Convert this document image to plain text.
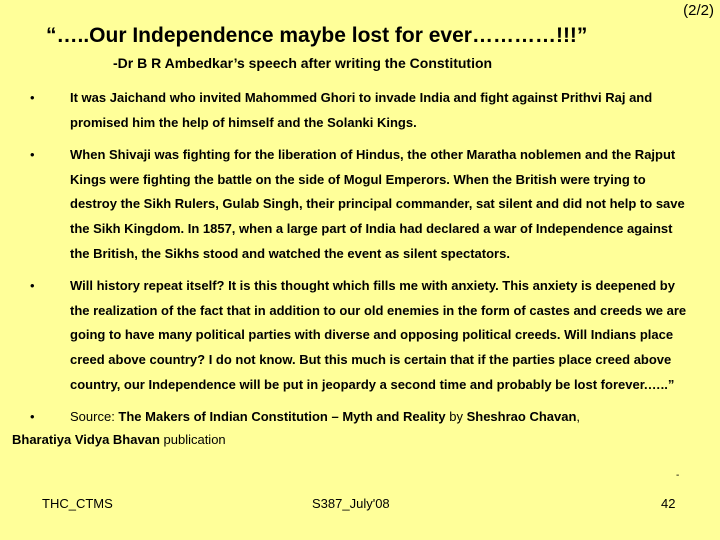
(2/2)
“…..Our Independence maybe lost for ever…………!!!”
-Dr B R Ambedkar’s speech after writing the Constitution
•	It was Jaichand who invited Mahommed Ghori to invade India and fight against Prithvi Raj and promised him the help of himself and the Solanki Kings.
•	When Shivaji was fighting for the liberation of Hindus, the other Maratha noblemen and the Rajput Kings were fighting the battle on the side of Mogul Emperors. When the British were trying to destroy the Sikh Rulers, Gulab Singh, their principal commander, sat silent and did not help to save the Sikh Kingdom. In 1857, when a large part of India had declared a war of Independence against the British, the Sikhs stood and watched the event as silent spectators.
•	Will history repeat itself? It is this thought which fills me with anxiety. This anxiety is deepened by the realization of the fact that in addition to our old enemies in the form of castes and creeds we are going to have many political parties with diverse and opposing political creeds. Will Indians place creed above country? I do not know. But this much is certain that if the parties place creed above country, our Independence will be put in jeopardy a second time and probably be lost forever.…..”
•	Source: The Makers of Indian Constitution – Myth and Reality by Sheshrao Chavan,
Bharatiya Vidya Bhavan publication
-
THC_CTMS	S387_July'08	42
